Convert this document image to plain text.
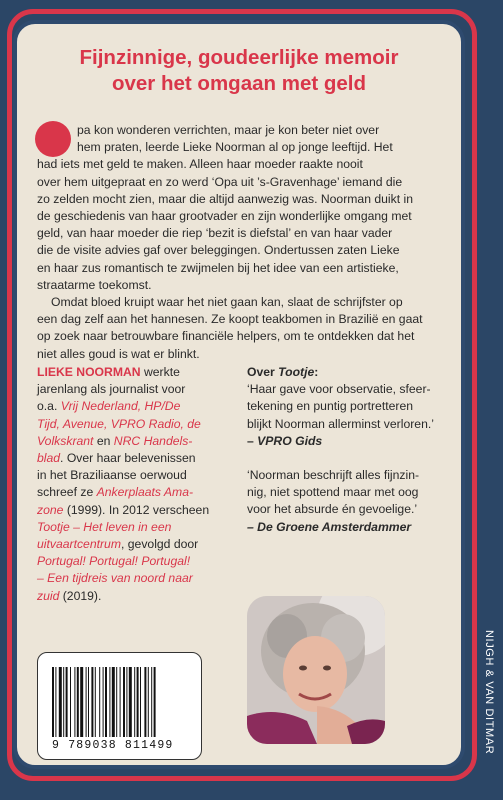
Fijnzinnige, goudeerlijke memoir
over het omgaan met geld
pa kon wonderen verrichten, maar je kon beter niet over
hem praten, leerde Lieke Noorman al op jonge leeftijd. Het
had iets met geld te maken. Alleen haar moeder raakte nooit
over hem uitgepraat en zo werd ‘Opa uit ’s-Gravenhage’ iemand die
zo zelden mocht zien, maar die altijd aanwezig was. Noorman duikt in
de geschiedenis van haar grootvader en zijn wonderlijke omgang met
geld, van haar moeder die riep ‘bezit is diefstal’ en van haar vader
die de visite advies gaf over beleggingen. Ondertussen zaten Lieke
en haar zus romantisch te zwijmelen bij het idee van een artistieke,
straatarme toekomst.
Omdat bloed kruipt waar het niet gaan kan, slaat de schrijfster op
een dag zelf aan het hannesen. Ze koopt teakbomen in Brazilië en gaat
op zoek naar betrouwbare financiële helpers, om te ontdekken dat het
niet alles goud is wat er blinkt.
LIEKE NOORMAN werkte
jarenlang als journalist voor
o.a. Vrij Nederland, HP/De
Tijd, Avenue, VPRO Radio, de
Volkskrant en NRC Handels-
blad. Over haar belevenissen
in het Braziliaanse oerwoud
schreef ze Ankerplaats Ama-
zone (1999). In 2012 verscheen
Tootje – Het leven in een
uitvaartcentrum, gevolgd door
Portugal! Portugal! Portugal!
– Een tijdreis van noord naar
zuid (2019).
Over Tootje:
‘Haar gave voor observatie, sfeer-
tekening en puntig portretteren
blijkt Noorman allerminst verloren.’
– VPRO Gids
‘Noorman beschrijft alles fijnzin-
nig, niet spottend maar met oog
voor het absurde én gevoelige.’
– De Groene Amsterdammer
9 789038 811499	NIJGH & VAN DITMAR
